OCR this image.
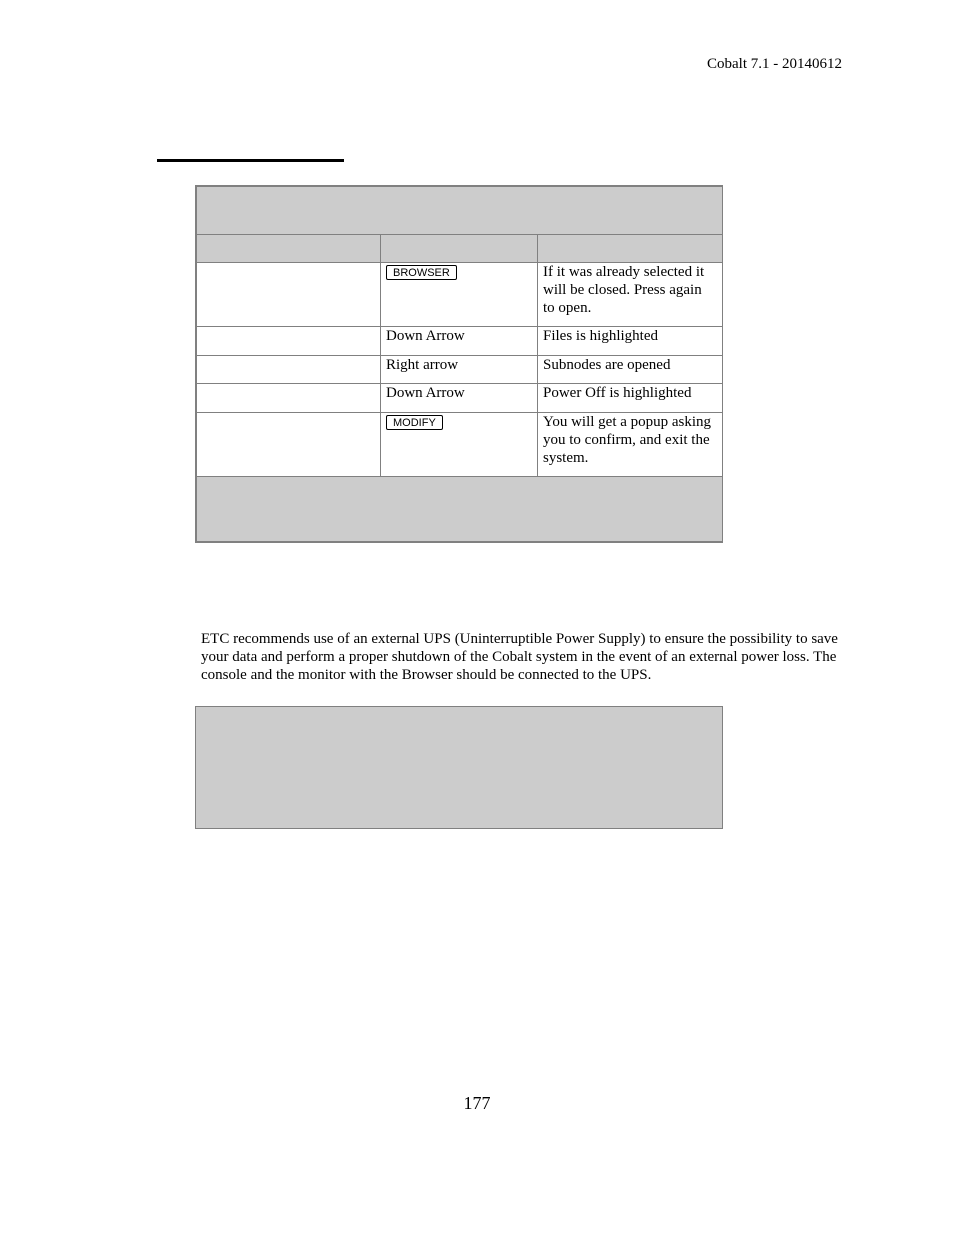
Cobalt 7.1 - 20140612

	BROWSER	If it was already selected it will be closed. Press again to open.
	Down Arrow	Files is highlighted
	Right arrow	Subnodes are opened
	Down Arrow	Power Off is highlighted
	MODIFY	You will get a popup asking you to confirm, and exit the system.

ETC recommends use of an external UPS (Uninterruptible Power Supply) to ensure the possibility to save your data and perform a proper shutdown of the Cobalt system in the event of an external power loss. The console and the monitor with the Browser should be connected to the UPS.

177
